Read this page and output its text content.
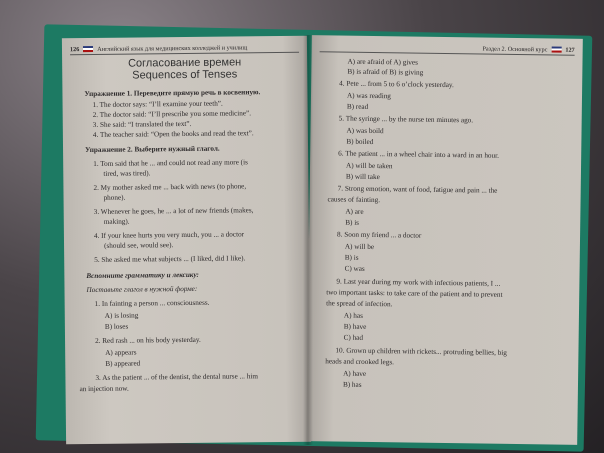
126	Английский язык для медицинских колледжей и училищ
Согласование времен
Sequences of Tenses
Упражнение 1. Переведите прямую речь в косвенную.
1. The doctor says: “I’ll examine your teeth”.
2. The doctor said: “I’ll prescribe you some medicine”.
3. She said: “I translated the text”.
4. The teacher said: “Open the books and read the text”.
Упражнение 2. Выберите нужный глагол.
1. Tom said that he ... and could not read any more (is
tired, was tired).
2. My mother asked me ... back with news (to phone,
phone).
3. Whenever he goes, he ... a lot of new friends (makes,
making).
4. If your knee hurts you very much, you ... a doctor
(should see, would see).
5. She asked me what subjects ... (I liked, did I like).
Вспомните грамматику и лексику:
Поставьте глагол в нужной форме:
1. In fainting a person ... consciousness.
A) is losing
B) loses
2. Red rash ... on his body yesterday.
A) appears
B) appeared
3. As the patient ... of the dentist, the dental nurse ... him
an injection now.
Раздел 2. Основной курс	127
A) are afraid of A) gives
B) is afraid of B) is giving
4. Pete ... from 5 to 6 o’clock yesterday.
A) was reading
B) read
5. The syringe ... by the nurse ten minutes ago.
A) was boild
B) boiled
6. The patient ... in a wheel chair into a ward in an hour.
A) will be taken
B) will take
7. Strong emotion, want of food, fatigue and pain ... the
causes of fainting.
A) are
B) is
8. Soon my friend ... a doctor
A) will be
B) is
C) was
9. Last year during my work with infectious patients, I ...
two important tasks: to take care of the patient and to prevent
the spread of infection.
A) has
B) have
C) had
10. Grown up children with rickets... protruding bellies, big
heads and crooked legs.
A) have
B) has
